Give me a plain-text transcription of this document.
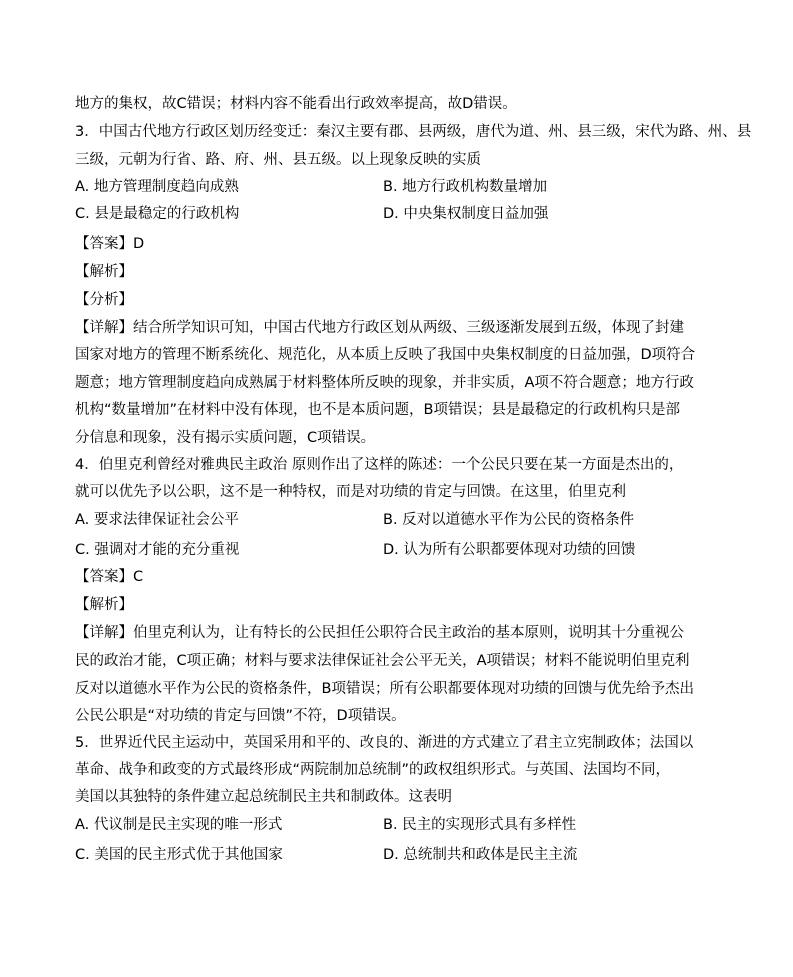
地方的集权，故C错误；材料内容不能看出行政效率提高，故D错误。
3．中国古代地方行政区划历经变迁：秦汉主要有郡、县两级，唐代为道、州、县三级，宋代为路、州、县
三级，元朝为行省、路、府、州、县五级。以上现象反映的实质
A. 地方管理制度趋向成熟	B. 地方行政机构数量增加
C. 县是最稳定的行政机构	D. 中央集权制度日益加强
【答案】D
【解析】
【分析】
【详解】结合所学知识可知，中国古代地方行政区划从两级、三级逐渐发展到五级，体现了封建
国家对地方的管理不断系统化、规范化，从本质上反映了我国中央集权制度的日益加强，D项符合
题意；地方管理制度趋向成熟属于材料整体所反映的现象，并非实质，A项不符合题意；地方行政
机构“数量增加”在材料中没有体现，也不是本质问题，B项错误；县是最稳定的行政机构只是部
分信息和现象，没有揭示实质问题，C项错误。
4．伯里克利曾经对雅典民主政治 原则作出了这样的陈述：一个公民只要在某一方面是杰出的，
就可以优先予以公职，这不是一种特权，而是对功绩的肯定与回馈。在这里，伯里克利
A. 要求法律保证社会公平	B. 反对以道德水平作为公民的资格条件
C. 强调对才能的充分重视	D. 认为所有公职都要体现对功绩的回馈
【答案】C
【解析】
【详解】伯里克利认为，让有特长的公民担任公职符合民主政治的基本原则，说明其十分重视公
民的政治才能，C项正确；材料与要求法律保证社会公平无关，A项错误；材料不能说明伯里克利
反对以道德水平作为公民的资格条件，B项错误；所有公职都要体现对功绩的回馈与优先给予杰出
公民公职是“对功绩的肯定与回馈”不符，D项错误。
5．世界近代民主运动中，英国采用和平的、改良的、渐进的方式建立了君主立宪制政体；法国以
革命、战争和政变的方式最终形成“两院制加总统制”的政权组织形式。与英国、法国均不同，
美国以其独特的条件建立起总统制民主共和制政体。这表明
A. 代议制是民主实现的唯一形式	B. 民主的实现形式具有多样性
C. 美国的民主形式优于其他国家	D. 总统制共和政体是民主主流
